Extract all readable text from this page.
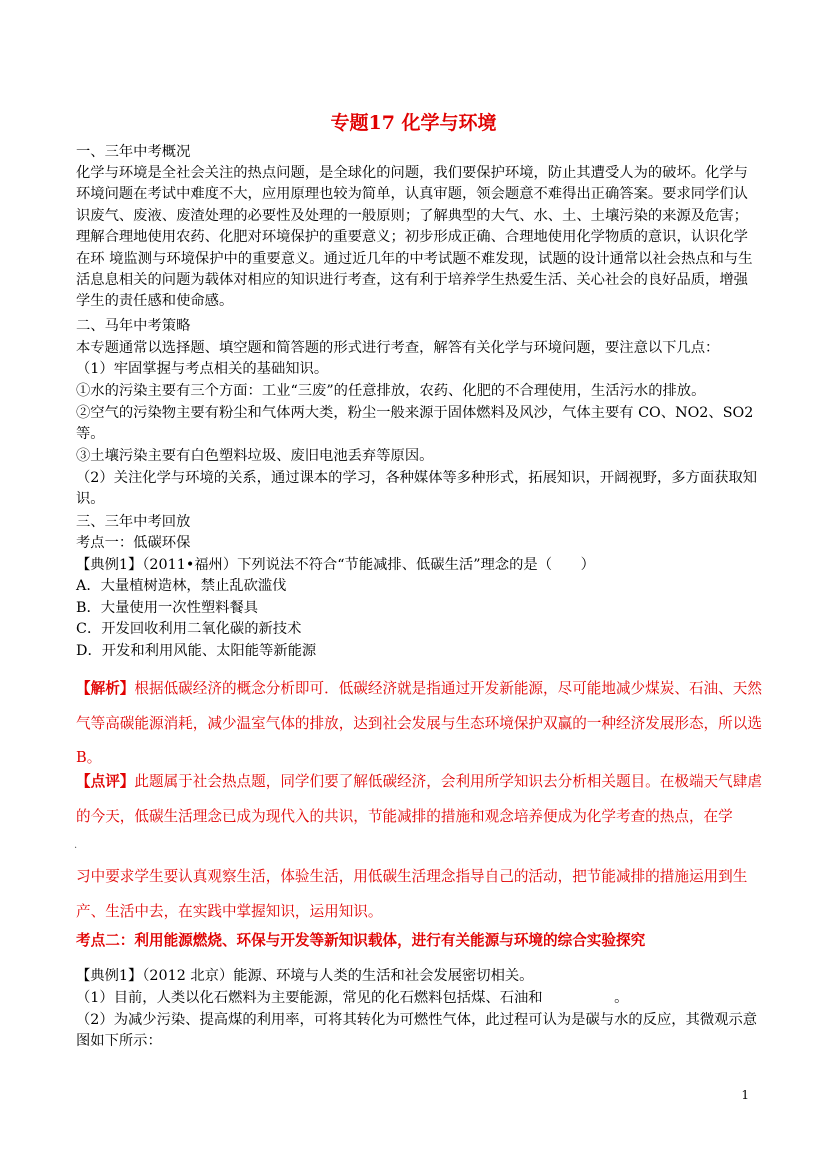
专题17 化学与环境

一、三年中考概况

化学与环境是全社会关注的热点问题，是全球化的问题，我们要保护环境，防止其遭受人为的破坏。化学与环境问题在考试中难度不大，应用原理也较为简单，认真审题，领会题意不难得出正确答案。要求同学们认识废气、废液、废渣处理的必要性及处理的一般原则；了解典型的大气、水、土、土壤污染的来源及危害；理解合理地使用农药、化肥对环境保护的重要意义；初步形成正确、合理地使用化学物质的意识，认识化学在环 境监测与环境保护中的重要意义。通过近几年的中考试题不难发现，试题的设计通常以社会热点和与生活息息相关的问题为载体对相应的知识进行考查，这有利于培养学生热爱生活、关心社会的良好品质，增强学生的责任感和使命感。

二、马年中考策略

本专题通常以选择题、填空题和简答题的形式进行考查，解答有关化学与环境问题，要注意以下几点：

（1）牢固掌握与考点相关的基础知识。

①水的污染主要有三个方面：工业“三废”的任意排放，农药、化肥的不合理使用，生活污水的排放。

②空气的污染物主要有粉尘和气体两大类，粉尘一般来源于固体燃料及风沙，气体主要有 CO、NO2、SO2 等。

③土壤污染主要有白色塑料垃圾、废旧电池丢弃等原因。

（2）关注化学与环境的关系，通过课本的学习，各种媒体等多种形式，拓展知识，开阔视野，多方面获取知识。

三、三年中考回放

考点一：低碳环保

【典例1】（2011•福州）下列说法不符合“节能减排、低碳生活”理念的是（　　）

A．大量植树造林，禁止乱砍滥伐

B．大量使用一次性塑料餐具

C．开发回收利用二氧化碳的新技术

D．开发和利用风能、太阳能等新能源

【解析】根据低碳经济的概念分析即可．低碳经济就是指通过开发新能源，尽可能地减少煤炭、石油、天然气等高碳能源消耗，减少温室气体的排放，达到社会发展与生态环境保护双赢的一种经济发展形态，所以选 B。

【点评】此题属于社会热点题，同学们要了解低碳经济，会利用所学知识去分析相关题目。在极端天气肆虐的今天，低碳生活理念已成为现代入的共识，节能减排的措施和观念培养便成为化学考查的热点，在学

.

习中要求学生要认真观察生活，体验生活，用低碳生活理念指导自己的活动，把节能减排的措施运用到生产、生活中去，在实践中掌握知识，运用知识。

考点二：利用能源燃烧、环保与开发等新知识载体，进行有关能源与环境的综合实验探究

【典例1】（2012 北京）能源、环境与人类的生活和社会发展密切相关。

（1）目前，人类以化石燃料为主要能源，常见的化石燃料包括煤、石油和　　　　　。

（2）为减少污染、提高煤的利用率，可将其转化为可燃性气体，此过程可认为是碳与水的反应，其微观示意图如下所示：

1
